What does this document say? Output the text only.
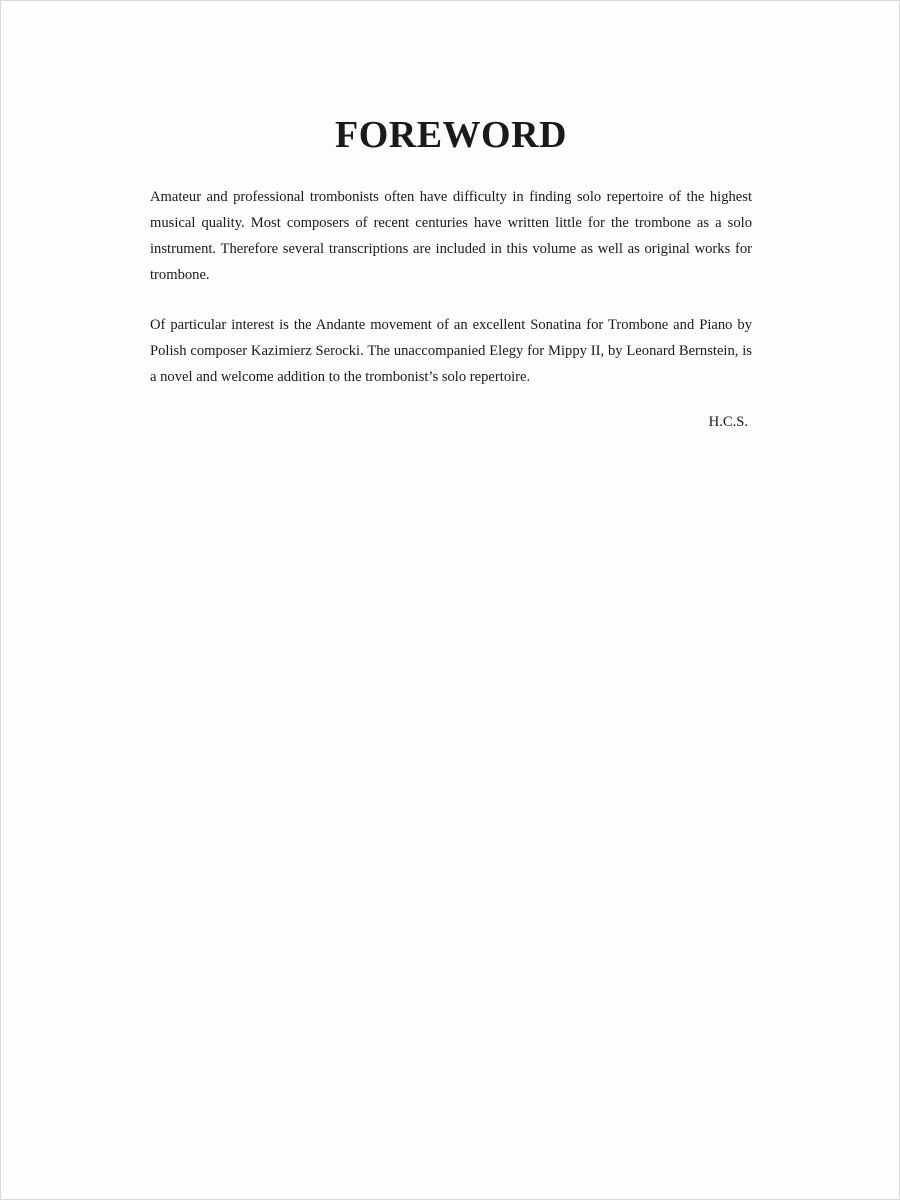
FOREWORD

Amateur and professional trombonists often have difficulty in finding solo repertoire of the highest musical quality. Most composers of recent centuries have written little for the trombone as a solo instrument. Therefore several transcriptions are included in this volume as well as original works for trombone.

Of particular interest is the Andante movement of an excellent Sonatina for Trombone and Piano by Polish composer Kazimierz Serocki. The unaccompanied Elegy for Mippy II, by Leonard Bernstein, is a novel and welcome addition to the trombonist’s solo repertoire.

H.C.S.
